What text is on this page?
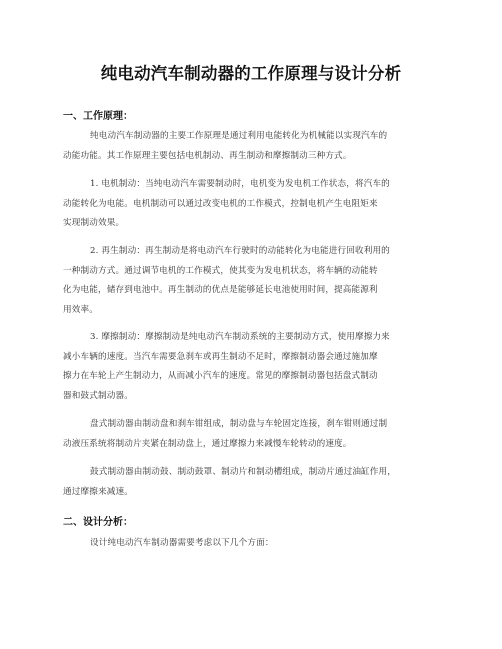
纯电动汽车制动器的工作原理与设计分析
一、工作原理：
纯电动汽车制动器的主要工作原理是通过利用电能转化为机械能以实现汽车的
动能功能。其工作原理主要包括电机制动、再生制动和摩擦制动三种方式。
1. 电机制动：当纯电动汽车需要制动时，电机变为发电机工作状态，将汽车的
动能转化为电能。电机制动可以通过改变电机的工作模式，控制电机产生电阻矩来
实现制动效果。
2. 再生制动：再生制动是将电动汽车行驶时的动能转化为电能进行回收利用的
一种制动方式。通过调节电机的工作模式，使其变为发电机状态，将车辆的动能转
化为电能，储存到电池中。再生制动的优点是能够延长电池使用时间，提高能源利
用效率。
3. 摩擦制动：摩擦制动是纯电动汽车制动系统的主要制动方式，使用摩擦力来
减小车辆的速度。当汽车需要急刹车或再生制动不足时，摩擦制动器会通过施加摩
擦力在车轮上产生制动力，从而减小汽车的速度。常见的摩擦制动器包括盘式制动
器和鼓式制动器。
盘式制动器由制动盘和刹车钳组成，制动盘与车轮固定连接，刹车钳则通过制
动液压系统将制动片夹紧在制动盘上，通过摩擦力来减慢车轮转动的速度。
鼓式制动器由制动鼓、制动鼓罩、制动片和制动槽组成，制动片通过油缸作用，
通过摩擦来减速。
二、设计分析：
设计纯电动汽车制动器需要考虑以下几个方面：
